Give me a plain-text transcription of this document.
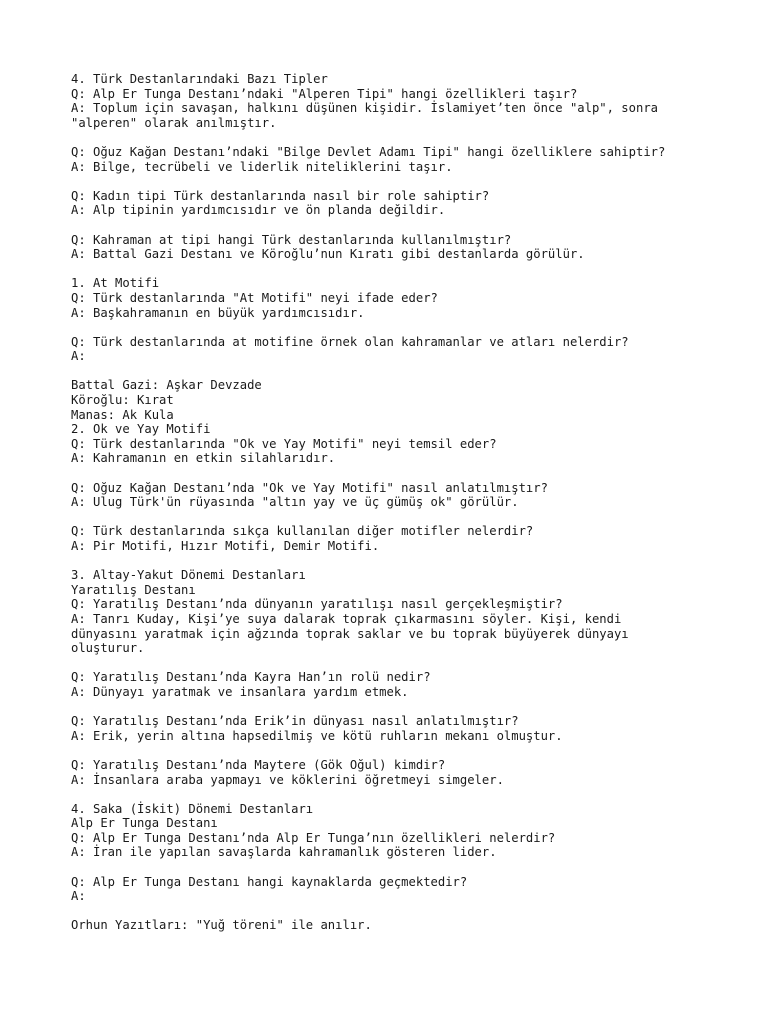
4. Türk Destanlarındaki Bazı Tipler
Q: Alp Er Tunga Destanı’ndaki "Alperen Tipi" hangi özellikleri taşır?
A: Toplum için savaşan, halkını düşünen kişidir. İslamiyet’ten önce "alp", sonra
"alperen" olarak anılmıştır.
Q: Oğuz Kağan Destanı’ndaki "Bilge Devlet Adamı Tipi" hangi özelliklere sahiptir?
A: Bilge, tecrübeli ve liderlik niteliklerini taşır.
Q: Kadın tipi Türk destanlarında nasıl bir role sahiptir?
A: Alp tipinin yardımcısıdır ve ön planda değildir.
Q: Kahraman at tipi hangi Türk destanlarında kullanılmıştır?
A: Battal Gazi Destanı ve Köroğlu’nun Kıratı gibi destanlarda görülür.
1. At Motifi
Q: Türk destanlarında "At Motifi" neyi ifade eder?
A: Başkahramanın en büyük yardımcısıdır.
Q: Türk destanlarında at motifine örnek olan kahramanlar ve atları nelerdir?
A:
Battal Gazi: Aşkar Devzade
Köroğlu: Kırat
Manas: Ak Kula
2. Ok ve Yay Motifi
Q: Türk destanlarında "Ok ve Yay Motifi" neyi temsil eder?
A: Kahramanın en etkin silahlarıdır.
Q: Oğuz Kağan Destanı’nda "Ok ve Yay Motifi" nasıl anlatılmıştır?
A: Ulug Türk'ün rüyasında "altın yay ve üç gümüş ok" görülür.
Q: Türk destanlarında sıkça kullanılan diğer motifler nelerdir?
A: Pir Motifi, Hızır Motifi, Demir Motifi.
3. Altay-Yakut Dönemi Destanları
Yaratılış Destanı
Q: Yaratılış Destanı’nda dünyanın yaratılışı nasıl gerçekleşmiştir?
A: Tanrı Kuday, Kişi’ye suya dalarak toprak çıkarmasını söyler. Kişi, kendi
dünyasını yaratmak için ağzında toprak saklar ve bu toprak büyüyerek dünyayı
oluşturur.
Q: Yaratılış Destanı’nda Kayra Han’ın rolü nedir?
A: Dünyayı yaratmak ve insanlara yardım etmek.
Q: Yaratılış Destanı’nda Erik’in dünyası nasıl anlatılmıştır?
A: Erik, yerin altına hapsedilmiş ve kötü ruhların mekanı olmuştur.
Q: Yaratılış Destanı’nda Maytere (Gök Oğul) kimdir?
A: İnsanlara araba yapmayı ve köklerini öğretmeyi simgeler.
4. Saka (İskit) Dönemi Destanları
Alp Er Tunga Destanı
Q: Alp Er Tunga Destanı’nda Alp Er Tunga’nın özellikleri nelerdir?
A: İran ile yapılan savaşlarda kahramanlık gösteren lider.
Q: Alp Er Tunga Destanı hangi kaynaklarda geçmektedir?
A:
Orhun Yazıtları: "Yuğ töreni" ile anılır.
